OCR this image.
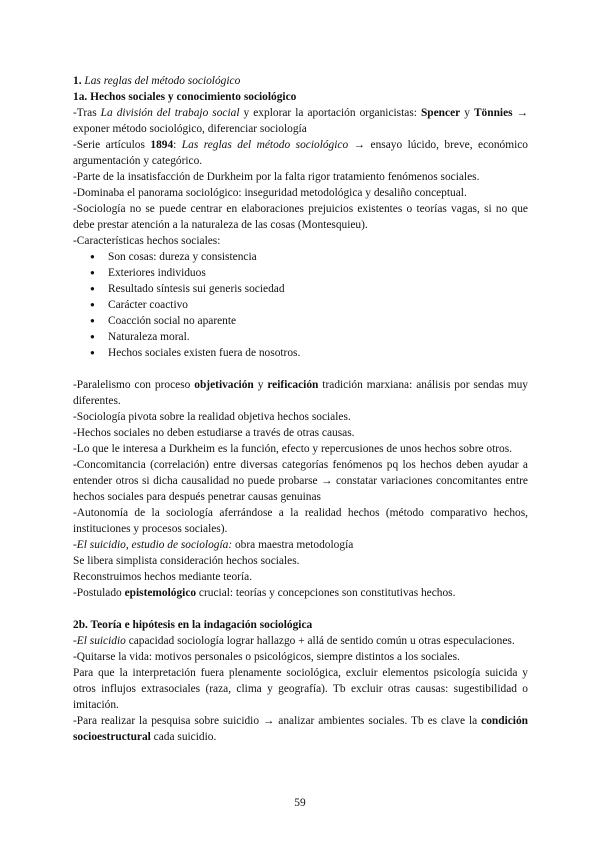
1. Las reglas del método sociológico

1a. Hechos sociales y conocimiento sociológico

-Tras La división del trabajo social y explorar la aportación organicistas: Spencer y Tönnies → exponer método sociológico, diferenciar sociología

-Serie artículos 1894: Las reglas del método sociológico → ensayo lúcido, breve, económico argumentación y categórico.

-Parte de la insatisfacción de Durkheim por la falta rigor tratamiento fenómenos sociales.

-Dominaba el panorama sociológico: inseguridad metodológica y desaliño conceptual.

-Sociología no se puede centrar en elaboraciones prejuicios existentes o teorías vagas, si no que debe prestar atención a la naturaleza de las cosas (Montesquieu).

-Características hechos sociales:

● Son cosas: dureza y consistencia
● Exteriores individuos
● Resultado síntesis sui generis sociedad
● Carácter coactivo
● Coacción social no aparente
● Naturaleza moral.
● Hechos sociales existen fuera de nosotros.

-Paralelismo con proceso objetivación y reificación tradición marxiana: análisis por sendas muy diferentes.

-Sociología pivota sobre la realidad objetiva hechos sociales.

-Hechos sociales no deben estudiarse a través de otras causas.

-Lo que le interesa a Durkheim es la función, efecto y repercusiones de unos hechos sobre otros.

-Concomitancia (correlación) entre diversas categorías fenómenos pq los hechos deben ayudar a entender otros si dicha causalidad no puede probarse → constatar variaciones concomitantes entre hechos sociales para después penetrar causas genuinas

-Autonomía de la sociología aferrándose a la realidad hechos (método comparativo hechos, instituciones y procesos sociales).

-El suicidio, estudio de sociología: obra maestra metodología

Se libera simplista consideración hechos sociales.

Reconstruimos hechos mediante teoría.

-Postulado epistemológico crucial: teorías y concepciones son constitutivas hechos.

2b. Teoría e hipótesis en la indagación sociológica

-El suicidio capacidad sociología lograr hallazgo + allá de sentido común u otras especulaciones.

-Quitarse la vida: motivos personales o psicológicos, siempre distintos a los sociales.

Para que la interpretación fuera plenamente sociológica, excluir elementos psicología suicida y otros influjos extrasociales (raza, clima y geografía). Tb excluir otras causas: sugestibilidad o imitación.

-Para realizar la pesquisa sobre suicidio → analizar ambientes sociales. Tb es clave la condición socioestructural cada suicidio.

59
